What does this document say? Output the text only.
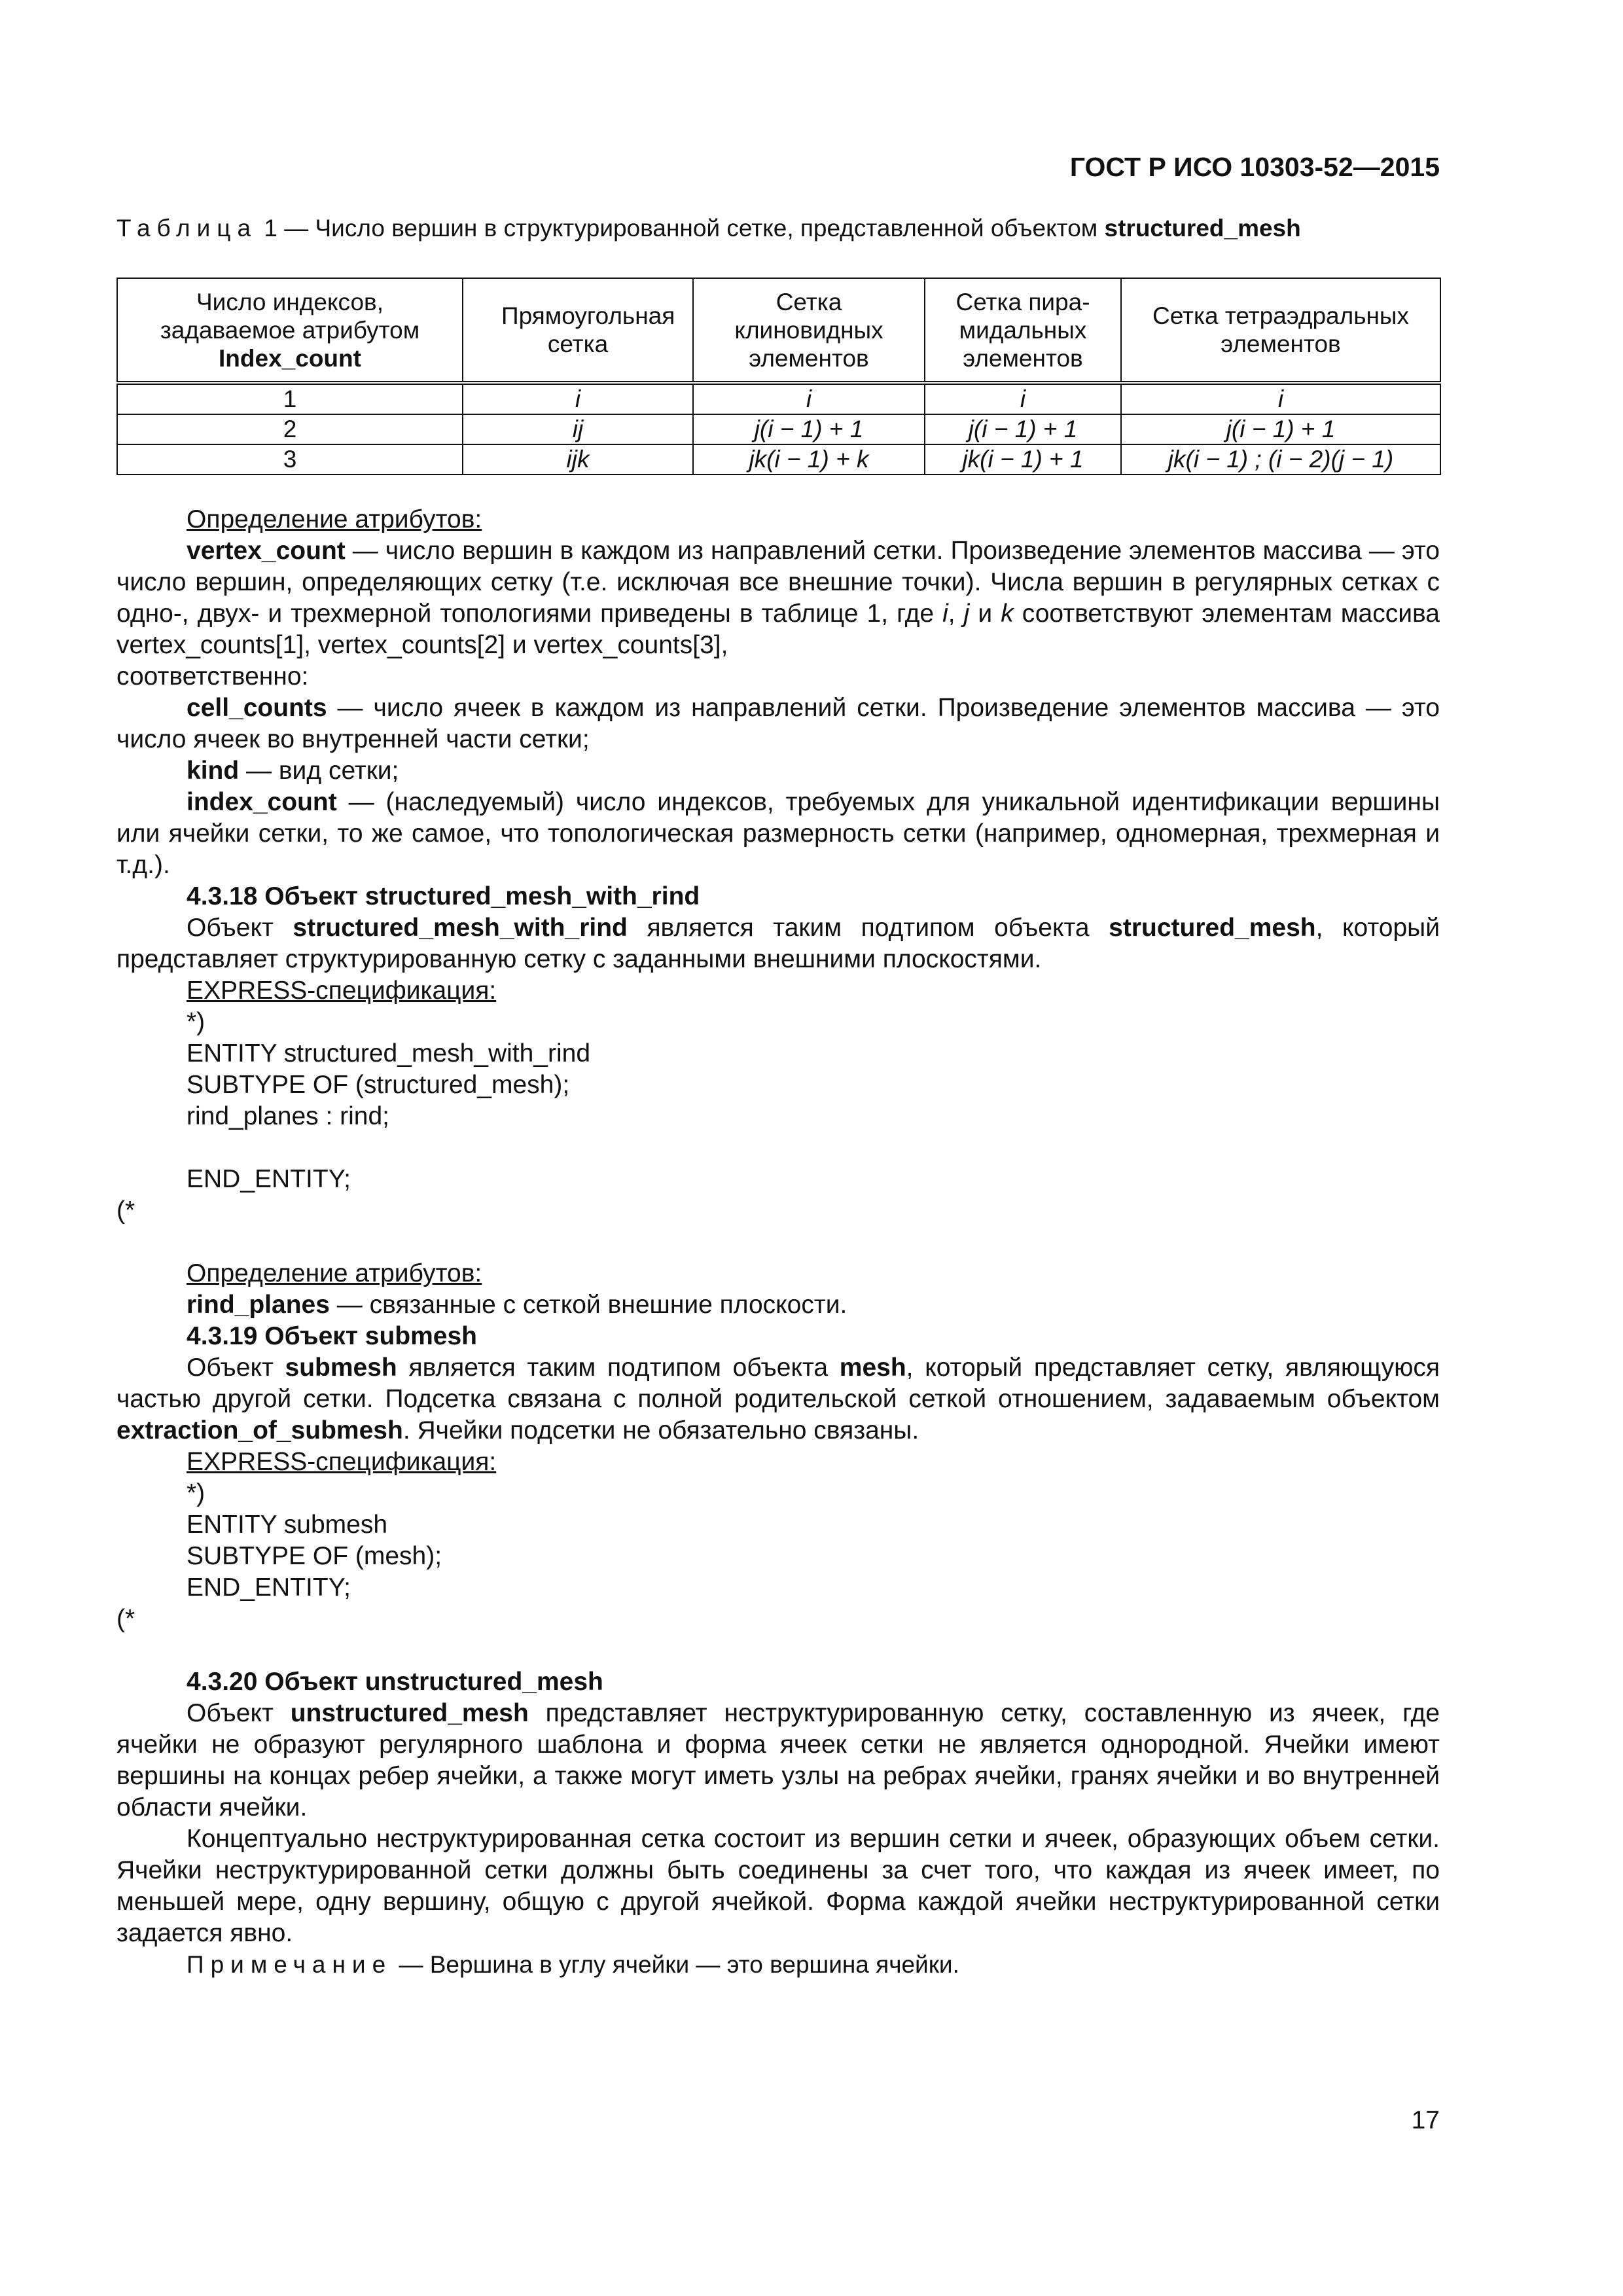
ГОСТ Р ИСО 10303-52—2015
Таблица 1 — Число вершин в структурированной сетке, представленной объектом structured_mesh
Число индексов,
задаваемое атрибутом
Index_count	Прямоугольная сетка	Сетка клиновидных элементов	Сетка пира-мидальных элементов	Сетка тетраэдральных элементов

1	i	i	i	i
2	ij	j(i − 1) + 1	j(i − 1) + 1	j(i − 1) + 1
3	ijk	jk(i − 1) + k	jk(i − 1) + 1	jk(i − 1) ; (i − 2)(j − 1)

Определение атрибутов:

vertex_count — число вершин в каждом из направлений сетки. Произведение элементов массива — это число вершин, определяющих сетку (т.е. исключая все внешние точки). Числа вершин в регулярных сетках с одно-, двух- и трехмерной топологиями приведены в таблице 1, где i, j и k соответствуют элементам массива vertex_counts[1], vertex_counts[2] и vertex_counts[3],

соответственно:

cell_counts — число ячеек в каждом из направлений сетки. Произведение элементов массива — это число ячеек во внутренней части сетки;

kind — вид сетки;

index_count — (наследуемый) число индексов, требуемых для уникальной идентификации вершины или ячейки сетки, то же самое, что топологическая размерность сетки (например, одномерная, трехмерная и т.д.).

4.3.18 Объект structured_mesh_with_rind

Объект structured_mesh_with_rind является таким подтипом объекта structured_mesh, который представляет структурированную сетку с заданными внешними плоскостями.

EXPRESS-спецификация:

*)

ENTITY structured_mesh_with_rind

SUBTYPE OF (structured_mesh);

rind_planes : rind;

END_ENTITY;

(*

Определение атрибутов:

rind_planes — связанные с сеткой внешние плоскости.

4.3.19 Объект submesh

Объект submesh является таким подтипом объекта mesh, который представляет сетку, являющуюся частью другой сетки. Подсетка связана с полной родительской сеткой отношением, задаваемым объектом extraction_of_submesh. Ячейки подсетки не обязательно связаны.

EXPRESS-спецификация:

*)

ENTITY submesh

SUBTYPE OF (mesh);

END_ENTITY;

(*

4.3.20 Объект unstructured_mesh

Объект unstructured_mesh представляет неструктурированную сетку, составленную из ячеек, где ячейки не образуют регулярного шаблона и форма ячеек сетки не является однородной. Ячейки имеют вершины на концах ребер ячейки, а также могут иметь узлы на ребрах ячейки, гранях ячейки и во внутренней области ячейки.

Концептуально неструктурированная сетка состоит из вершин сетки и ячеек, образующих объем сетки. Ячейки неструктурированной сетки должны быть соединены за счет того, что каждая из ячеек имеет, по меньшей мере, одну вершину, общую с другой ячейкой. Форма каждой ячейки неструктурированной сетки задается явно.

Примечание — Вершина в углу ячейки — это вершина ячейки.

17
